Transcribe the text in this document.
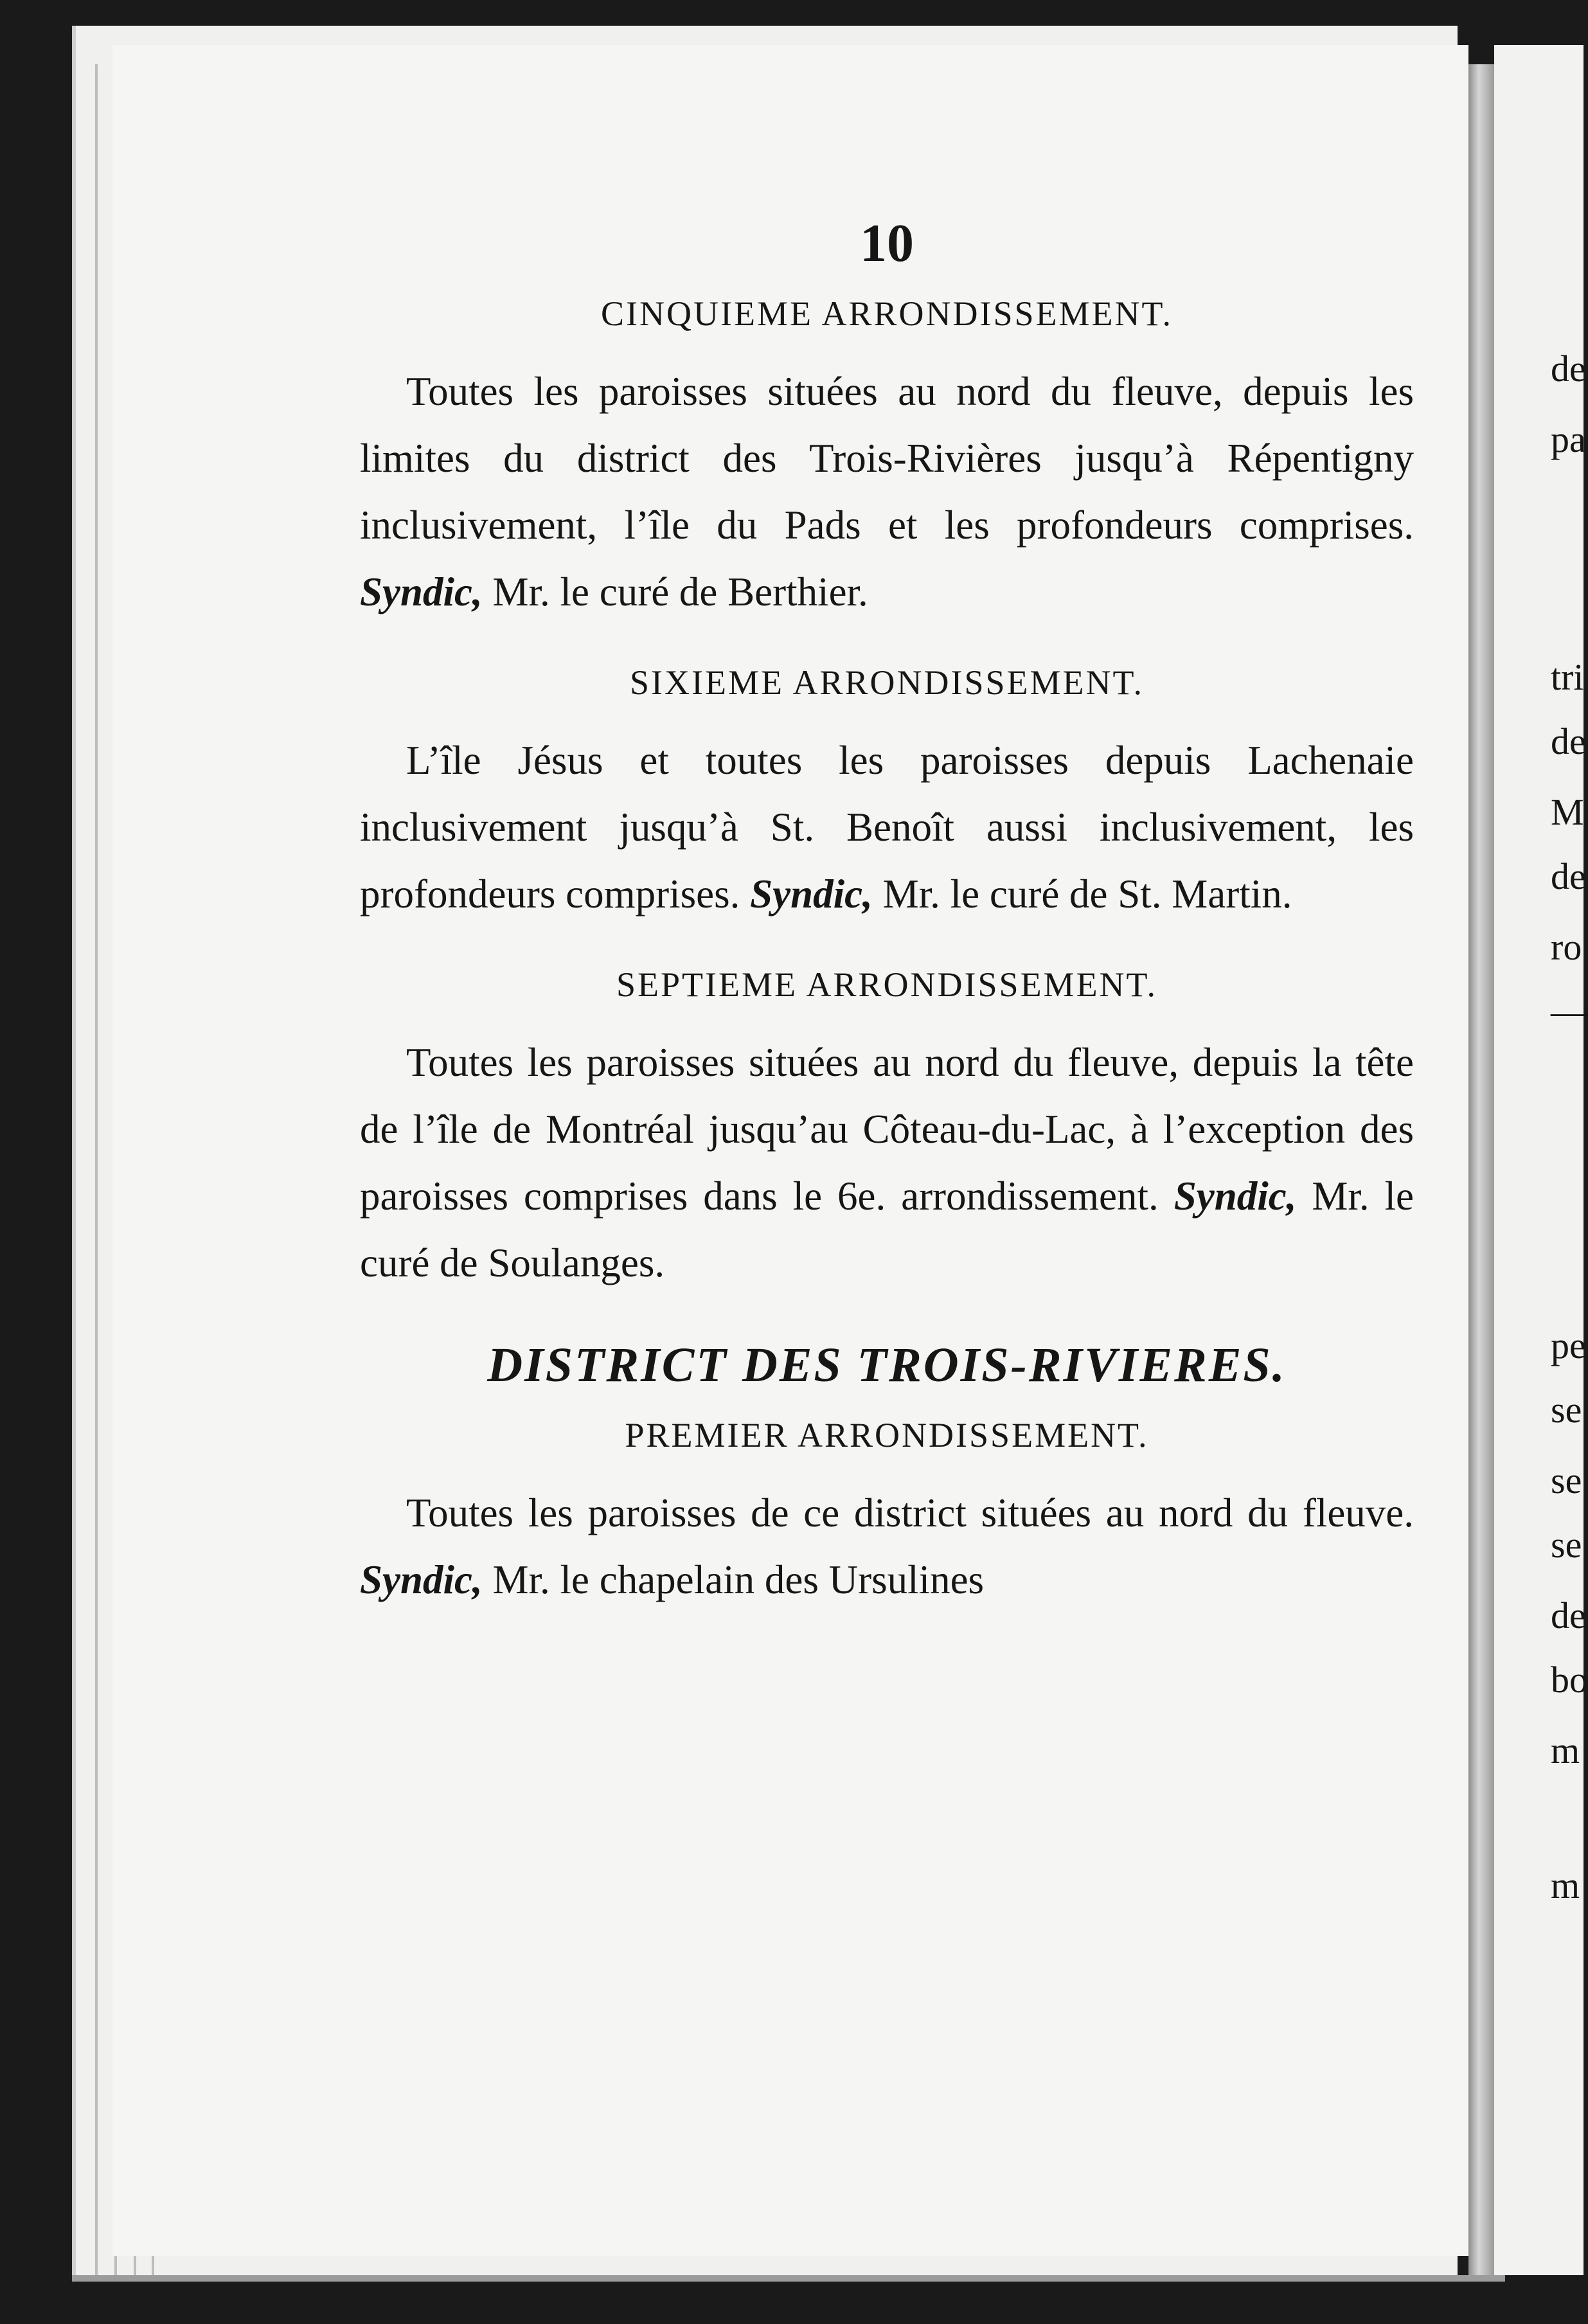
de
pa
tri
de
M
de
ro
—
pe
se
se
se
de
bo
m
m
10
CINQUIEME ARRONDISSEMENT.

Toutes les paroisses situées au nord du fleuve, depuis les limites du district des Trois-Rivières jusqu’à Répentigny inclusivement, l’île du Pads et les profondeurs comprises. Syndic, Mr. le curé de Berthier.

SIXIEME ARRONDISSEMENT.

L’île Jésus et toutes les paroisses depuis Lachenaie inclusivement jusqu’à St. Benoît aussi inclusivement, les profondeurs comprises. Syndic, Mr. le curé de St. Martin.

SEPTIEME ARRONDISSEMENT.

Toutes les paroisses situées au nord du fleuve, depuis la tête de l’île de Montréal jusqu’au Côteau-du-Lac, à l’exception des paroisses comprises dans le 6e. arrondissement. Syndic, Mr. le curé de Soulanges.

DISTRICT DES TROIS-RIVIERES.
PREMIER ARRONDISSEMENT.

Toutes les paroisses de ce district situées au nord du fleuve. Syndic, Mr. le chapelain des Ursulines
